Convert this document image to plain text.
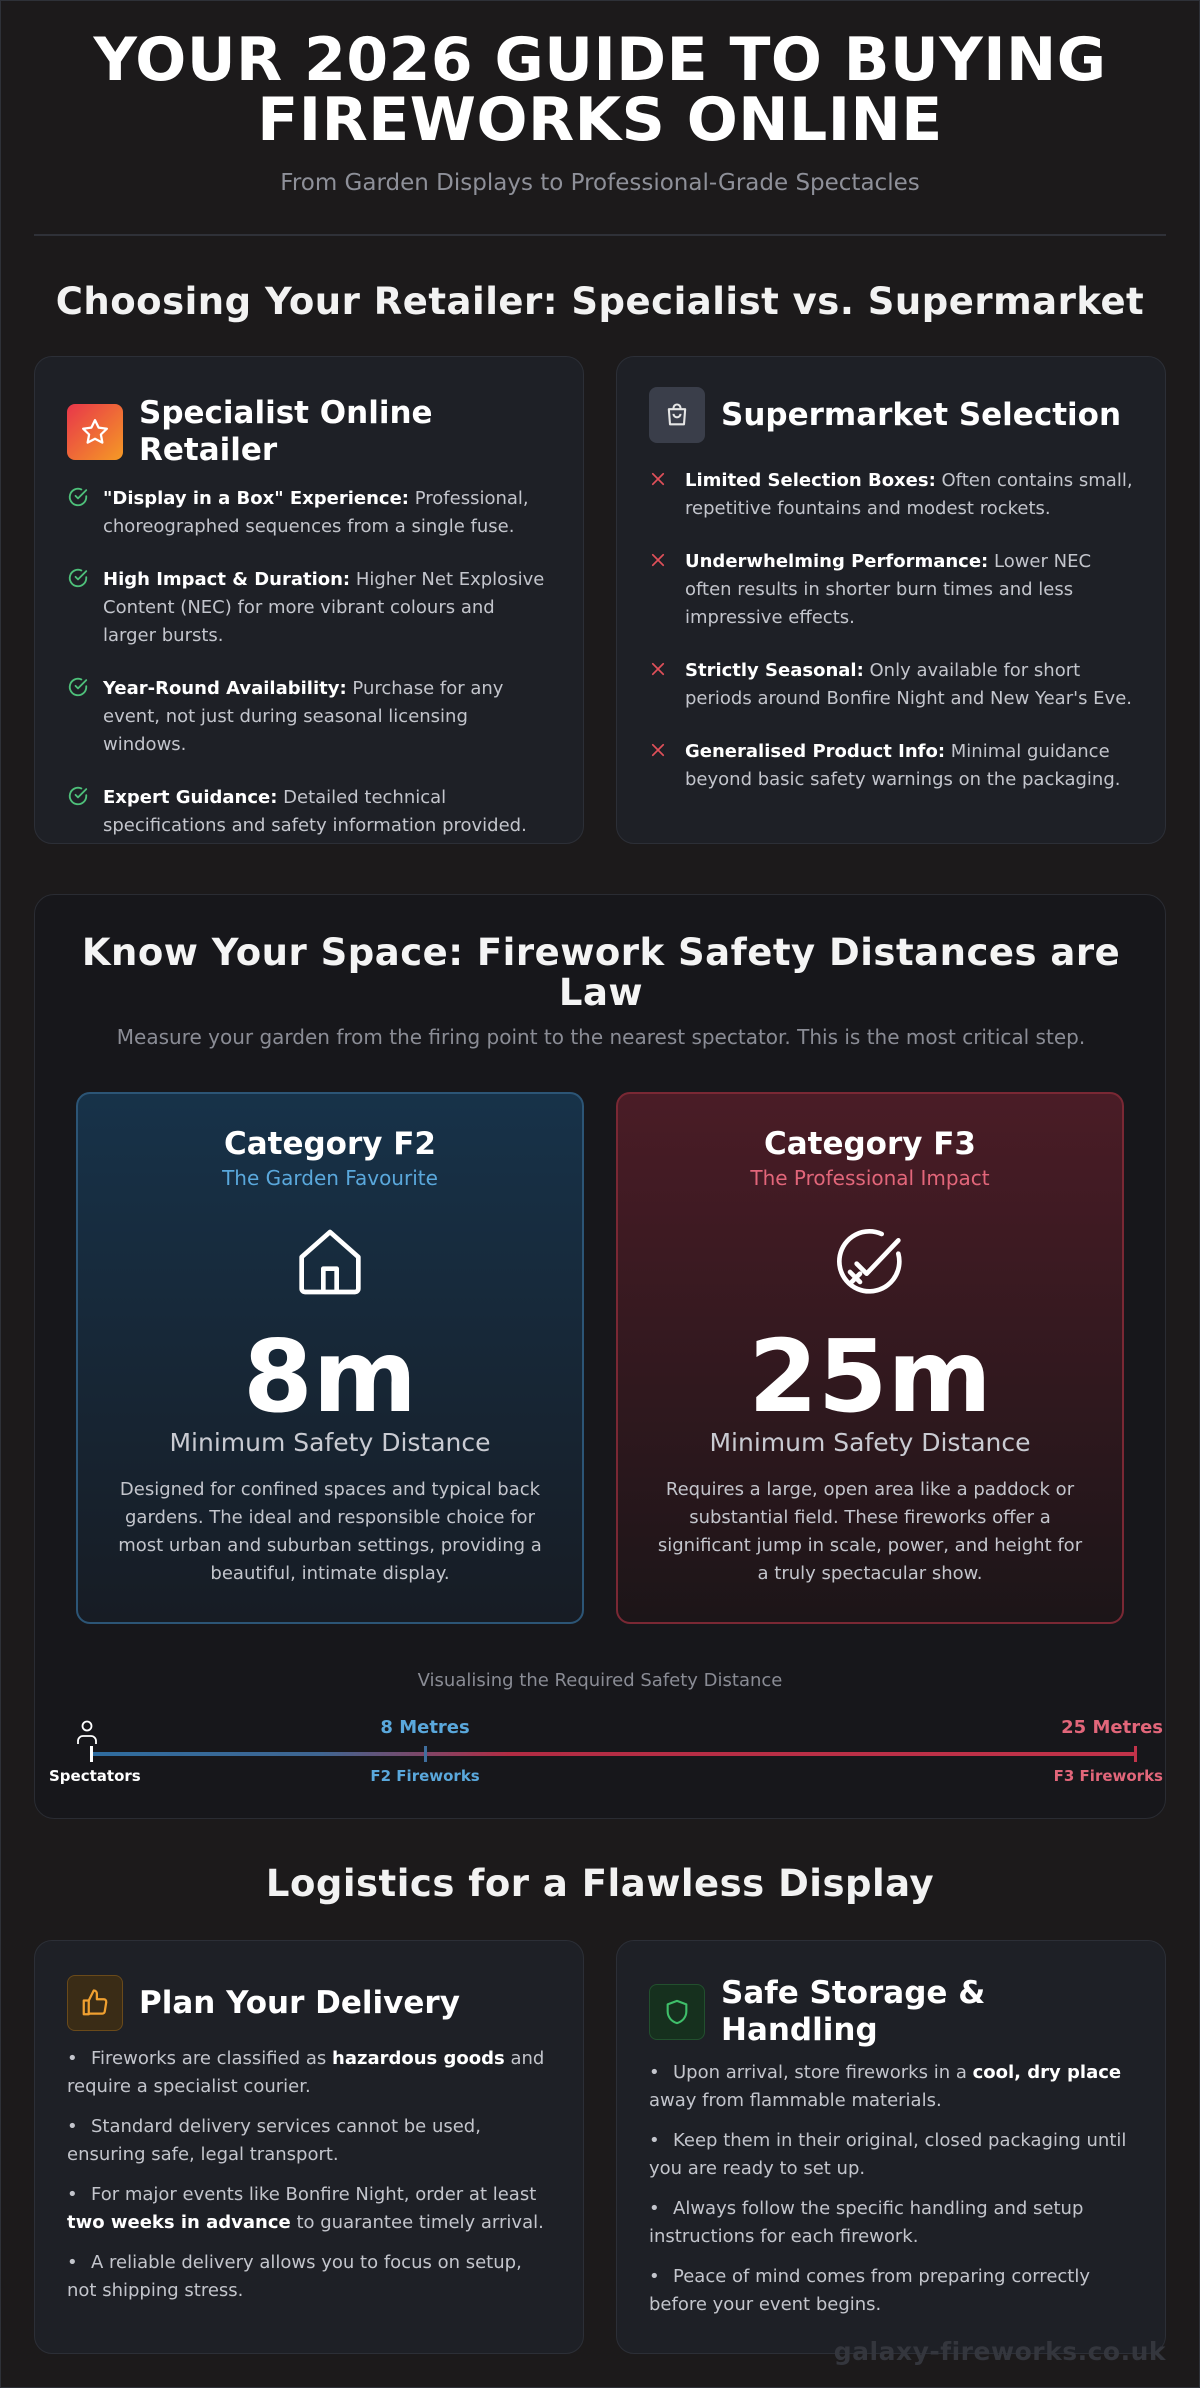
YOUR 2026 GUIDE TO BUYING
FIREWORKS ONLINE
From Garden Displays to Professional-Grade Spectacles
Choosing Your Retailer: Specialist vs. Supermarket
Specialist Online Retailer
"Display in a Box" Experience: Professional, choreographed sequences from a single fuse.
High Impact & Duration: Higher Net Explosive Content (NEC) for more vibrant colours and larger bursts.
Year-Round Availability: Purchase for any event, not just during seasonal licensing windows.
Expert Guidance: Detailed technical specifications and safety information provided.
Supermarket Selection
Limited Selection Boxes: Often contains small, repetitive fountains and modest rockets.
Underwhelming Performance: Lower NEC often results in shorter burn times and less impressive effects.
Strictly Seasonal: Only available for short periods around Bonfire Night and New Year's Eve.
Generalised Product Info: Minimal guidance beyond basic safety warnings on the packaging.
Know Your Space: Firework Safety Distances are Law
Measure your garden from the firing point to the nearest spectator. This is the most critical step.
Category F2
The Garden Favourite
8m
Minimum Safety Distance
Designed for confined spaces and typical back gardens. The ideal and responsible choice for most urban and suburban settings, providing a beautiful, intimate display.
Category F3
The Professional Impact
25m
Minimum Safety Distance
Requires a large, open area like a paddock or substantial field. These fireworks offer a significant jump in scale, power, and height for a truly spectacular show.
Visualising the Required Safety Distance
Spectators
8 Metres
F2 Fireworks
25 Metres
F3 Fireworks
Logistics for a Flawless Display
Plan Your Delivery
• Fireworks are classified as hazardous goods and require a specialist courier.
• Standard delivery services cannot be used, ensuring safe, legal transport.
• For major events like Bonfire Night, order at least two weeks in advance to guarantee timely arrival.
• A reliable delivery allows you to focus on setup, not shipping stress.
Safe Storage & Handling
• Upon arrival, store fireworks in a cool, dry place away from flammable materials.
• Keep them in their original, closed packaging until you are ready to set up.
• Always follow the specific handling and setup instructions for each firework.
• Peace of mind comes from preparing correctly before your event begins.
galaxy-fireworks.co.uk
